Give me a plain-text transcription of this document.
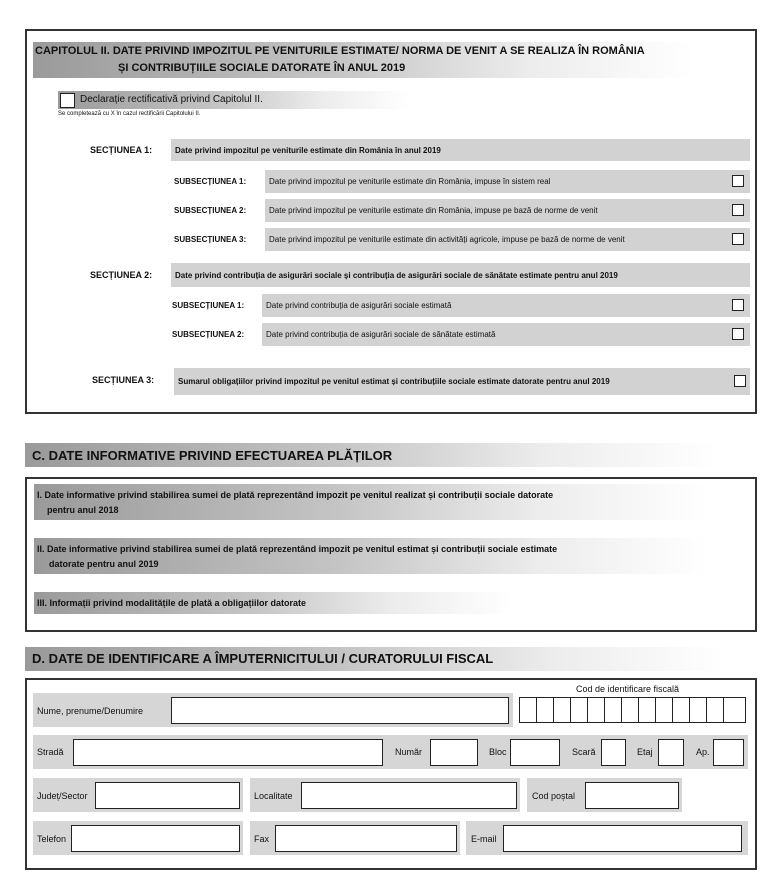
CAPITOLUL II. DATE PRIVIND IMPOZITUL PE VENITURILE ESTIMATE/ NORMA DE VENIT A SE REALIZA ÎN ROMÂNIA
ȘI CONTRIBUȚIILE SOCIALE DATORATE ÎN ANUL 2019
Declarație rectificativă privind Capitolul II.
Se completează cu X în cazul rectificării Capitolului II.
SECȚIUNEA 1:	Date privind impozitul pe veniturile estimate din România în anul 2019
SUBSECȚIUNEA 1:	Date privind impozitul pe veniturile estimate din România, impuse în sistem real
SUBSECȚIUNEA 2:	Date privind impozitul pe veniturile estimate din România, impuse pe bază de norme de venit
SUBSECȚIUNEA 3:	Date privind impozitul pe veniturile estimate din activități agricole, impuse pe bază de norme de venit
SECȚIUNEA 2:	Date privind contribuția de asigurări sociale și contribuția de asigurări sociale de sănătate estimate pentru anul 2019
SUBSECȚIUNEA 1:	Date privind contribuția de asigurări sociale estimată
SUBSECȚIUNEA 2:	Date privind contribuția de asigurări sociale de sănătate estimată
SECȚIUNEA 3:	Sumarul obligațiilor privind impozitul pe venitul estimat și contribuțiile sociale estimate datorate pentru anul 2019
C. DATE INFORMATIVE PRIVIND EFECTUAREA PLĂȚILOR
I. Date informative privind stabilirea sumei de plată reprezentând impozit pe venitul realizat și contribuții sociale datorate
pentru anul 2018
II. Date informative privind stabilirea sumei de plată reprezentând impozit pe venitul estimat și contribuții sociale estimate
datorate pentru anul 2019
III. Informații privind modalitățile de plată a obligațiilor datorate
D. DATE DE IDENTIFICARE A ÎMPUTERNICITULUI / CURATORULUI FISCAL
Cod de identificare fiscală
Nume, prenume/Denumire
Stradă	Număr	Bloc	Scară	Etaj	Ap.
Județ/Sector	Localitate	Cod poștal
Telefon	Fax	E-mail
